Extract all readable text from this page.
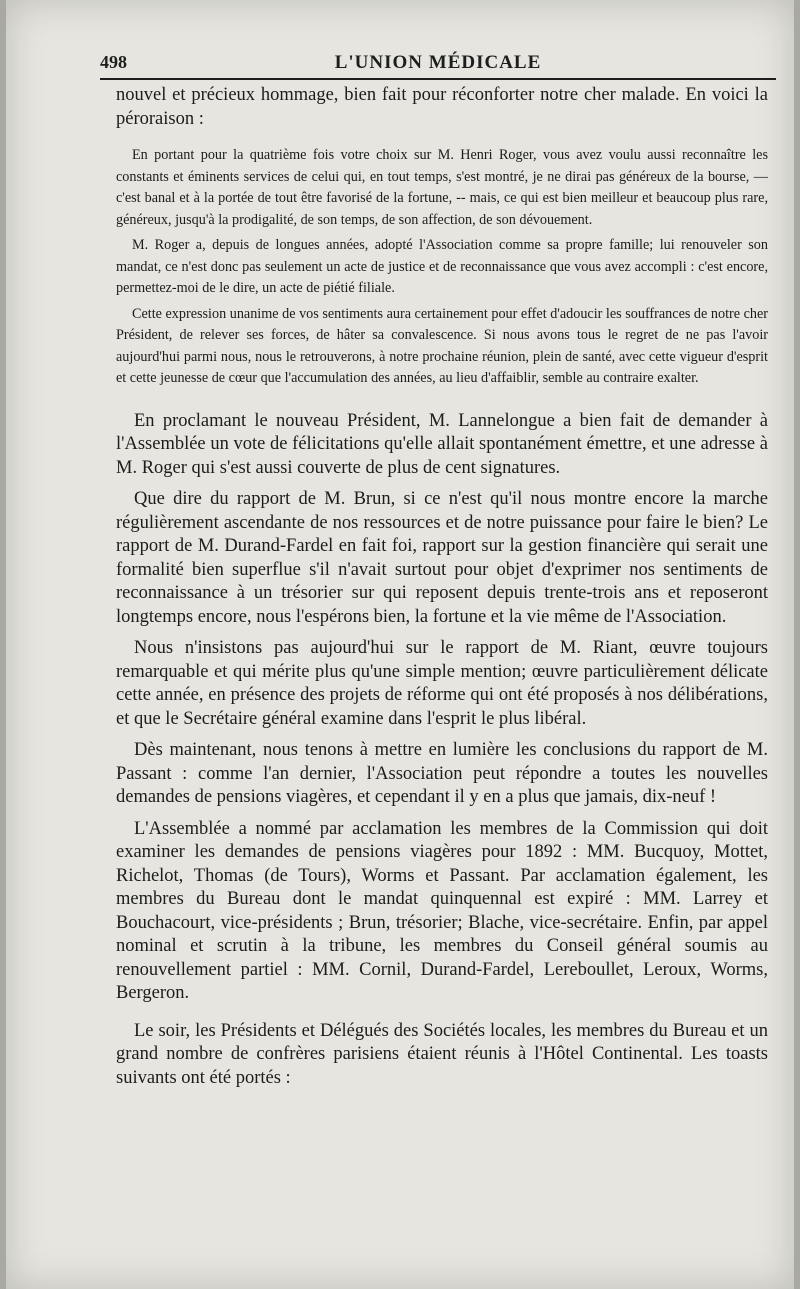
498	L'UNION MÉDICALE

nouvel et précieux hommage, bien fait pour réconforter notre cher malade. En voici la péroraison :

En portant pour la quatrième fois votre choix sur M. Henri Roger, vous avez voulu aussi reconnaître les constants et éminents services de celui qui, en tout temps, s'est montré, je ne dirai pas généreux de la bourse, — c'est banal et à la portée de tout être favorisé de la fortune, -- mais, ce qui est bien meilleur et beaucoup plus rare, généreux, jusqu'à la prodigalité, de son temps, de son affection, de son dévouement.

M. Roger a, depuis de longues années, adopté l'Association comme sa propre famille; lui renouveler son mandat, ce n'est donc pas seulement un acte de justice et de reconnaissance que vous avez accompli : c'est encore, permettez-moi de le dire, un acte de piétié filiale.

Cette expression unanime de vos sentiments aura certainement pour effet d'adoucir les souffrances de notre cher Président, de relever ses forces, de hâter sa convalescence. Si nous avons tous le regret de ne pas l'avoir aujourd'hui parmi nous, nous le retrouverons, à notre prochaine réunion, plein de santé, avec cette vigueur d'esprit et cette jeunesse de cœur que l'accumulation des années, au lieu d'affaiblir, semble au contraire exalter.

En proclamant le nouveau Président, M. Lannelongue a bien fait de demander à l'Assemblée un vote de félicitations qu'elle allait spontanément émettre, et une adresse à M. Roger qui s'est aussi couverte de plus de cent signatures.

Que dire du rapport de M. Brun, si ce n'est qu'il nous montre encore la marche régulièrement ascendante de nos ressources et de notre puissance pour faire le bien? Le rapport de M. Durand-Fardel en fait foi, rapport sur la gestion financière qui serait une formalité bien superflue s'il n'avait surtout pour objet d'exprimer nos sentiments de reconnaissance à un trésorier sur qui reposent depuis trente-trois ans et reposeront longtemps encore, nous l'espérons bien, la fortune et la vie même de l'Association.

Nous n'insistons pas aujourd'hui sur le rapport de M. Riant, œuvre toujours remarquable et qui mérite plus qu'une simple mention; œuvre particulièrement délicate cette année, en présence des projets de réforme qui ont été proposés à nos délibérations, et que le Secrétaire général examine dans l'esprit le plus libéral.

Dès maintenant, nous tenons à mettre en lumière les conclusions du rapport de M. Passant : comme l'an dernier, l'Association peut répondre a toutes les nouvelles demandes de pensions viagères, et cependant il y en a plus que jamais, dix-neuf !

L'Assemblée a nommé par acclamation les membres de la Commission qui doit examiner les demandes de pensions viagères pour 1892 : MM. Bucquoy, Mottet, Richelot, Thomas (de Tours), Worms et Passant. Par acclamation également, les membres du Bureau dont le mandat quinquennal est expiré : MM. Larrey et Bouchacourt, vice-présidents ; Brun, trésorier; Blache, vice-secrétaire. Enfin, par appel nominal et scrutin à la tribune, les membres du Conseil général soumis au renouvellement partiel : MM. Cornil, Durand-Fardel, Lereboullet, Leroux, Worms, Bergeron.

Le soir, les Présidents et Délégués des Sociétés locales, les membres du Bureau et un grand nombre de confrères parisiens étaient réunis à l'Hôtel Continental. Les toasts suivants ont été portés :
